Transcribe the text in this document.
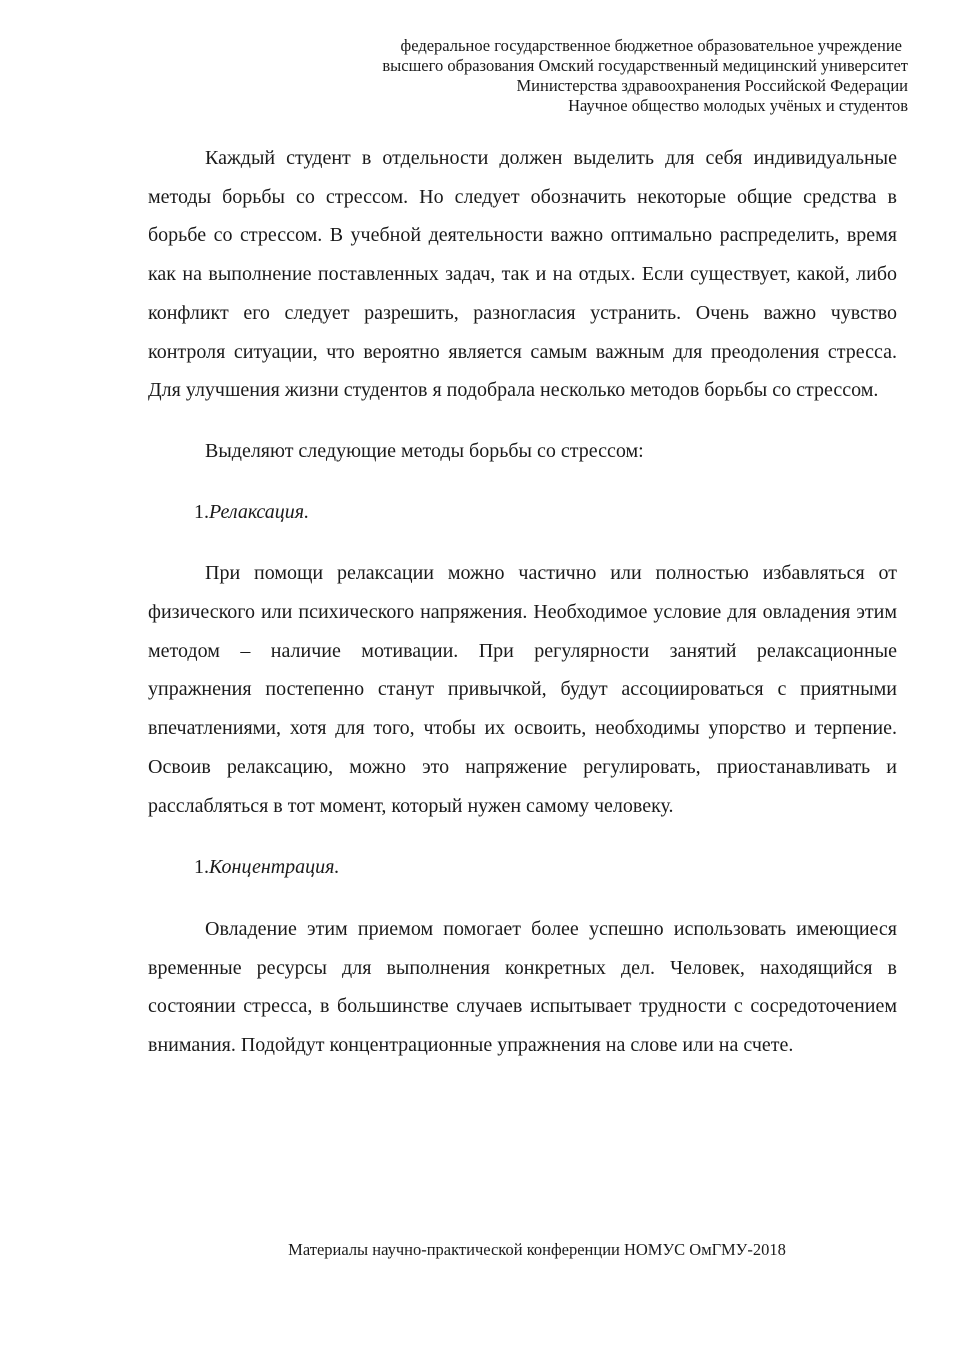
федеральное государственное бюджетное образовательное учреждение
высшего образования Омский государственный медицинский университет
Министерства здравоохранения Российской Федерации
Научное общество молодых учёных и студентов

Каждый студент в отдельности должен выделить для себя индивидуальные методы борьбы со стрессом. Но следует обозначить некоторые общие средства в борьбе со стрессом. В учебной деятельности важно оптимально распределить, время как на выполнение поставленных задач, так и на отдых. Если существует, какой, либо конфликт его следует разрешить, разногласия устранить. Очень важно чувство контроля ситуации, что вероятно является самым важным для преодоления стресса. Для улучшения жизни студентов я подобрала несколько методов борьбы со стрессом.

Выделяют следующие методы борьбы со стрессом:

1.Релаксация.

При помощи релаксации можно частично или полностью избавляться от физического или психического напряжения. Необходимое условие для овладения этим методом – наличие мотивации. При регулярности занятий релаксационные упражнения постепенно станут привычкой, будут ассоциироваться с приятными впечатлениями, хотя для того, чтобы их освоить, необходимы упорство и терпение. Освоив релаксацию, можно это напряжение регулировать, приостанавливать и расслабляться в тот момент, который нужен самому человеку.

1.Концентрация.

Овладение этим приемом помогает более успешно использовать имеющиеся временные ресурсы для выполнения конкретных дел. Человек, находящийся в состоянии стресса, в большинстве случаев испытывает трудности с сосредоточением внимания. Подойдут концентрационные упражнения на слове или на счете.

Материалы научно-практической конференции НОМУС ОмГМУ-2018
